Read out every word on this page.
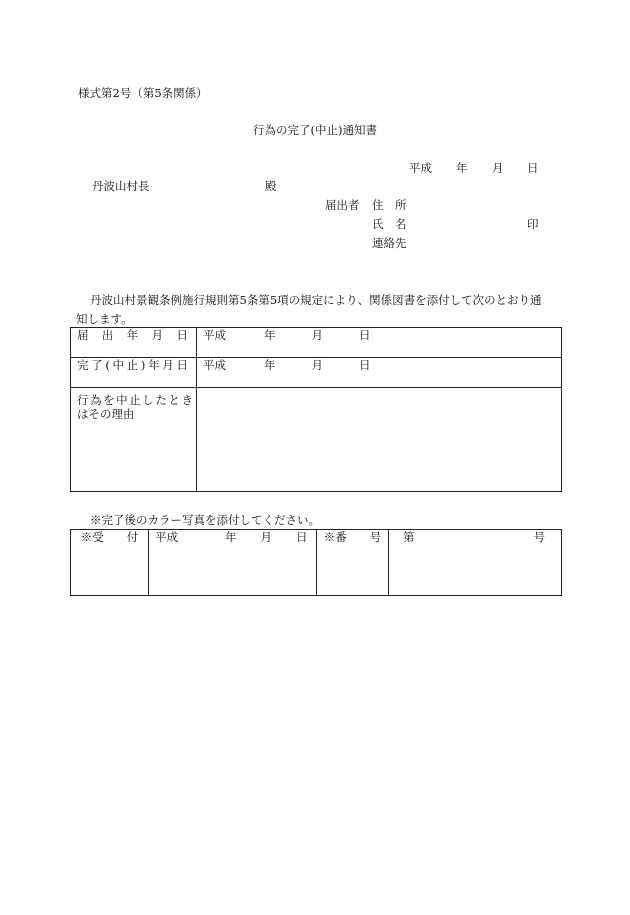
様式第2号（第5条関係）
行為の完了(中止)通知書
平成 年 月 日
丹波山村長	殿
届出者 住　所
氏　名	印
連絡先
丹波山村景観条例施行規則第5条第5項の規定により、関係図書を添付して次のとおり通
知します。
届 出 年 月 日	平成 年 月 日

完了(中止)年月日	平成 年 月 日

行為を中止したとき
はその理由	

※完了後のカラー写真を添付してください。
※受　　付	平成	年 月 日	※番　　号	第	号
